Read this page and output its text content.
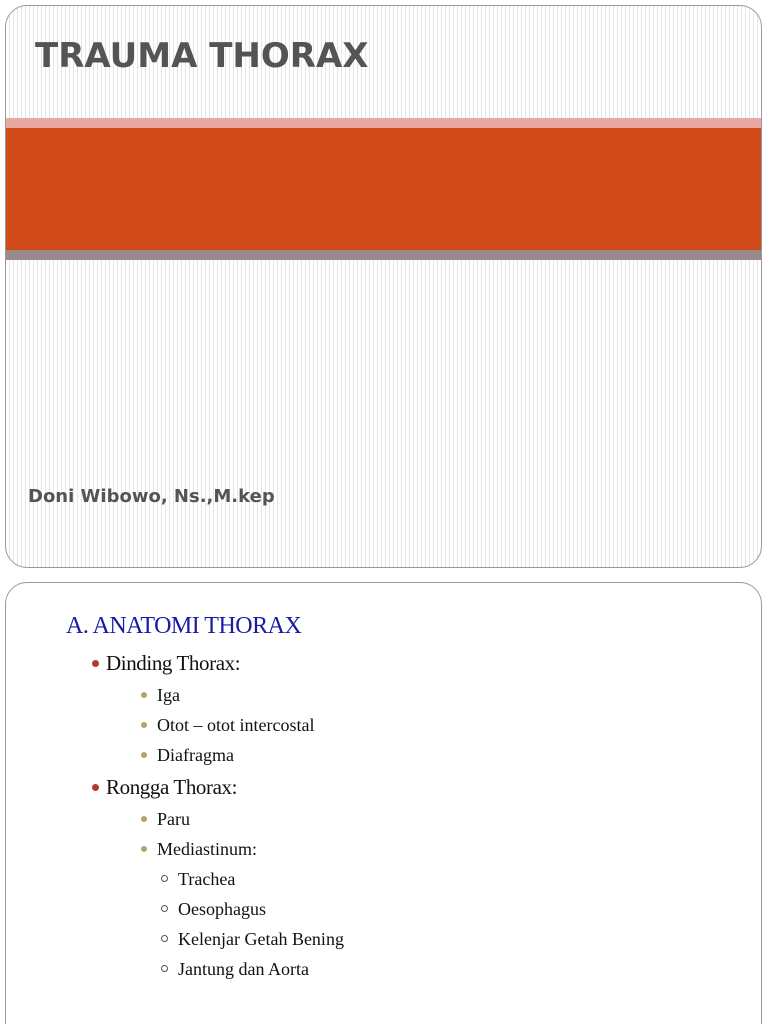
TRAUMA THORAX
Doni Wibowo, Ns.,M.kep
A. ANATOMI THORAX
Dinding Thorax:
Iga
Otot – otot intercostal
Diafragma
Rongga Thorax:
Paru
Mediastinum:
Trachea
Oesophagus
Kelenjar Getah Bening
Jantung dan Aorta
